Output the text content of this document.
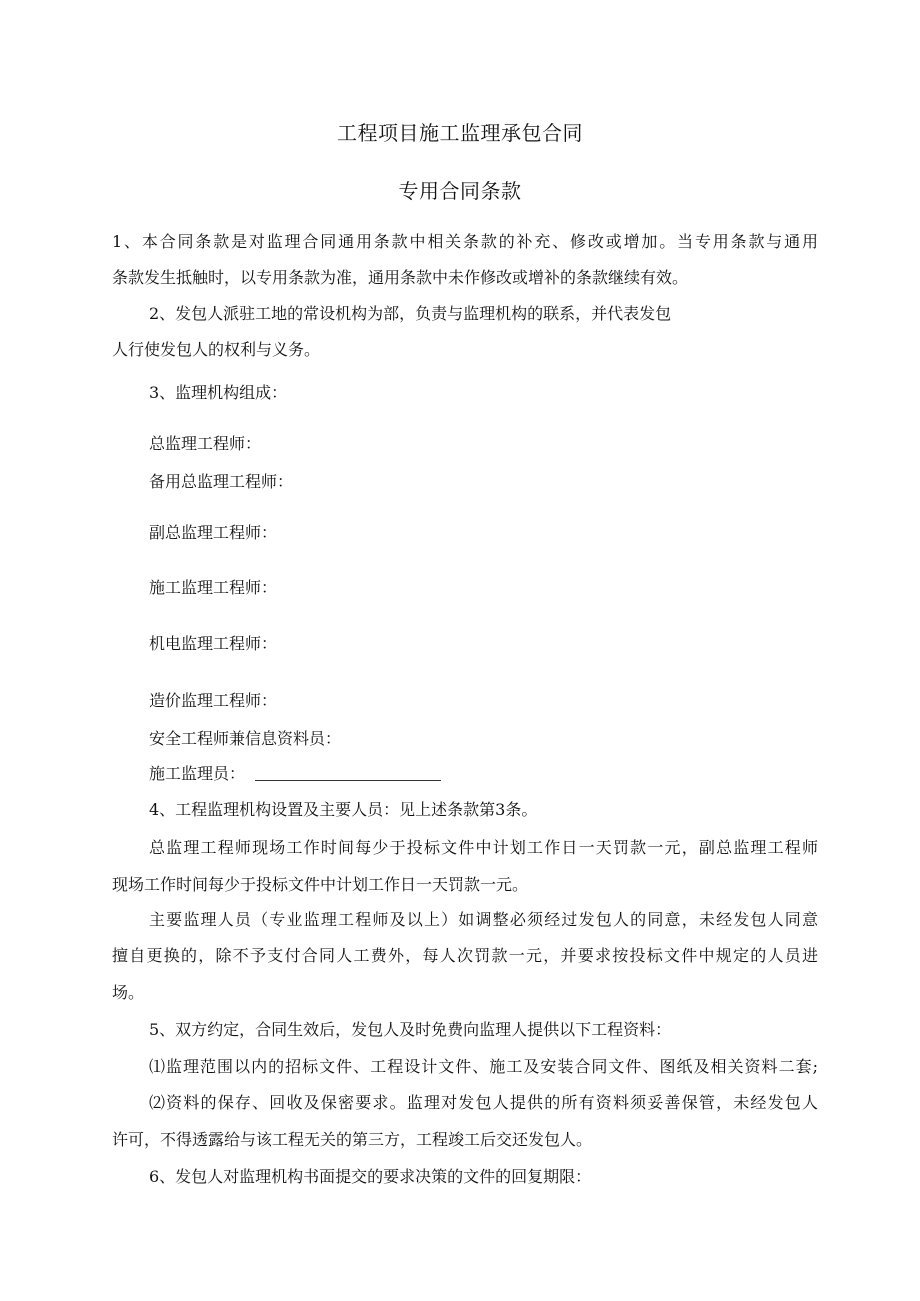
工程项目施工监理承包合同
专用合同条款
1、本合同条款是对监理合同通用条款中相关条款的补充、修改或增加。当专用条款与通用
条款发生抵触时，以专用条款为准，通用条款中未作修改或增补的条款继续有效。
2、发包人派驻工地的常设机构为部，负责与监理机构的联系，并代表发包
人行使发包人的权利与义务。
3、监理机构组成：
总监理工程师：
备用总监理工程师：
副总监理工程师：
施工监理工程师：
机电监理工程师：
造价监理工程师：
安全工程师兼信息资料员：
施工监理员：
4、工程监理机构设置及主要人员：见上述条款第3条。
总监理工程师现场工作时间每少于投标文件中计划工作日一天罚款一元，副总监理工程师
现场工作时间每少于投标文件中计划工作日一天罚款一元。
主要监理人员（专业监理工程师及以上）如调整必须经过发包人的同意，未经发包人同意
擅自更换的，除不予支付合同人工费外，每人次罚款一元，并要求按投标文件中规定的人员进
场。
5、双方约定，合同生效后，发包人及时免费向监理人提供以下工程资料：
⑴监理范围以内的招标文件、工程设计文件、施工及安装合同文件、图纸及相关资料二套;
⑵资料的保存、回收及保密要求。监理对发包人提供的所有资料须妥善保管，未经发包人
许可，不得透露给与该工程无关的第三方，工程竣工后交还发包人。
6、发包人对监理机构书面提交的要求决策的文件的回复期限：
